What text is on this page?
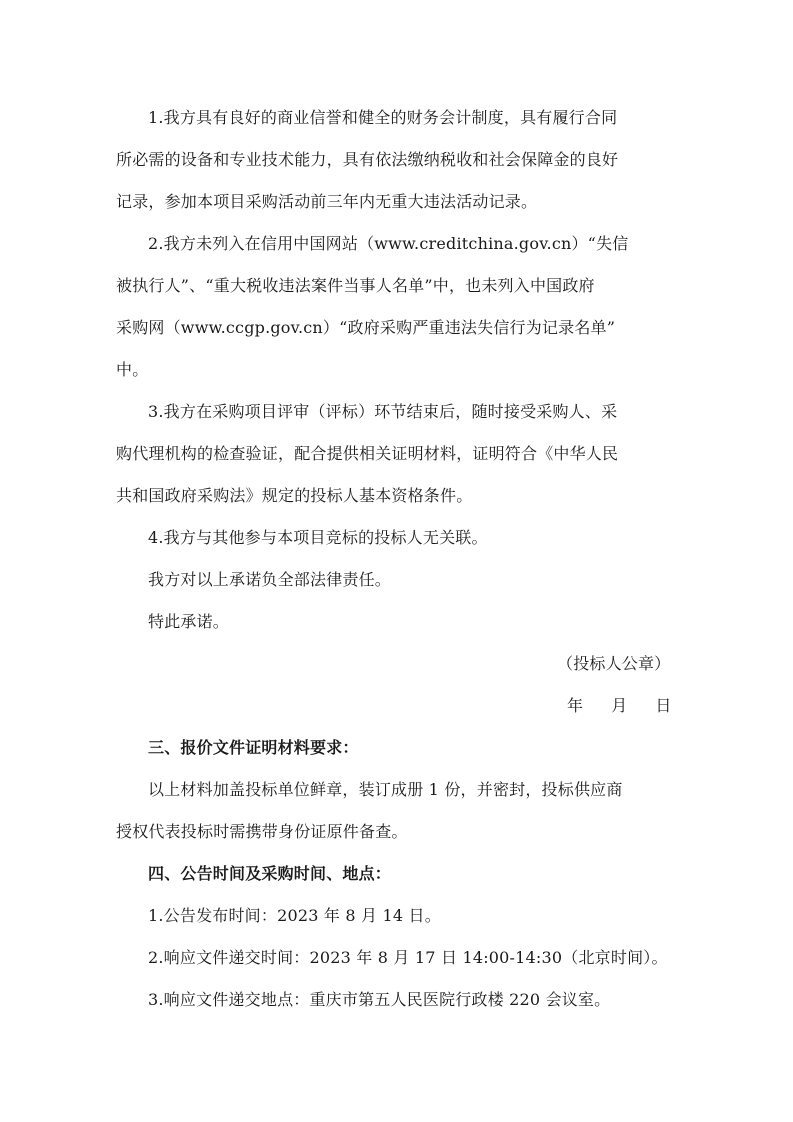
1.我方具有良好的商业信誉和健全的财务会计制度，具有履行合同
所必需的设备和专业技术能力，具有依法缴纳税收和社会保障金的良好
记录，参加本项目采购活动前三年内无重大违法活动记录。
2.我方未列入在信用中国网站（www.creditchina.gov.cn）“失信
被执行人”、“重大税收违法案件当事人名单”中，也未列入中国政府
采购网（www.ccgp.gov.cn）“政府采购严重违法失信行为记录名单”
中。
3.我方在采购项目评审（评标）环节结束后，随时接受采购人、采
购代理机构的检查验证，配合提供相关证明材料，证明符合《中华人民
共和国政府采购法》规定的投标人基本资格条件。
4.我方与其他参与本项目竞标的投标人无关联。
我方对以上承诺负全部法律责任。
特此承诺。
（投标人公章）
年 月 日
三、报价文件证明材料要求：
以上材料加盖投标单位鲜章，装订成册 1 份，并密封，投标供应商
授权代表投标时需携带身份证原件备查。
四、公告时间及采购时间、地点：
1.公告发布时间：2023 年 8 月 14 日。
2.响应文件递交时间：2023 年 8 月 17 日 14:00-14:30（北京时间）。
3.响应文件递交地点：重庆市第五人民医院行政楼 220 会议室。
